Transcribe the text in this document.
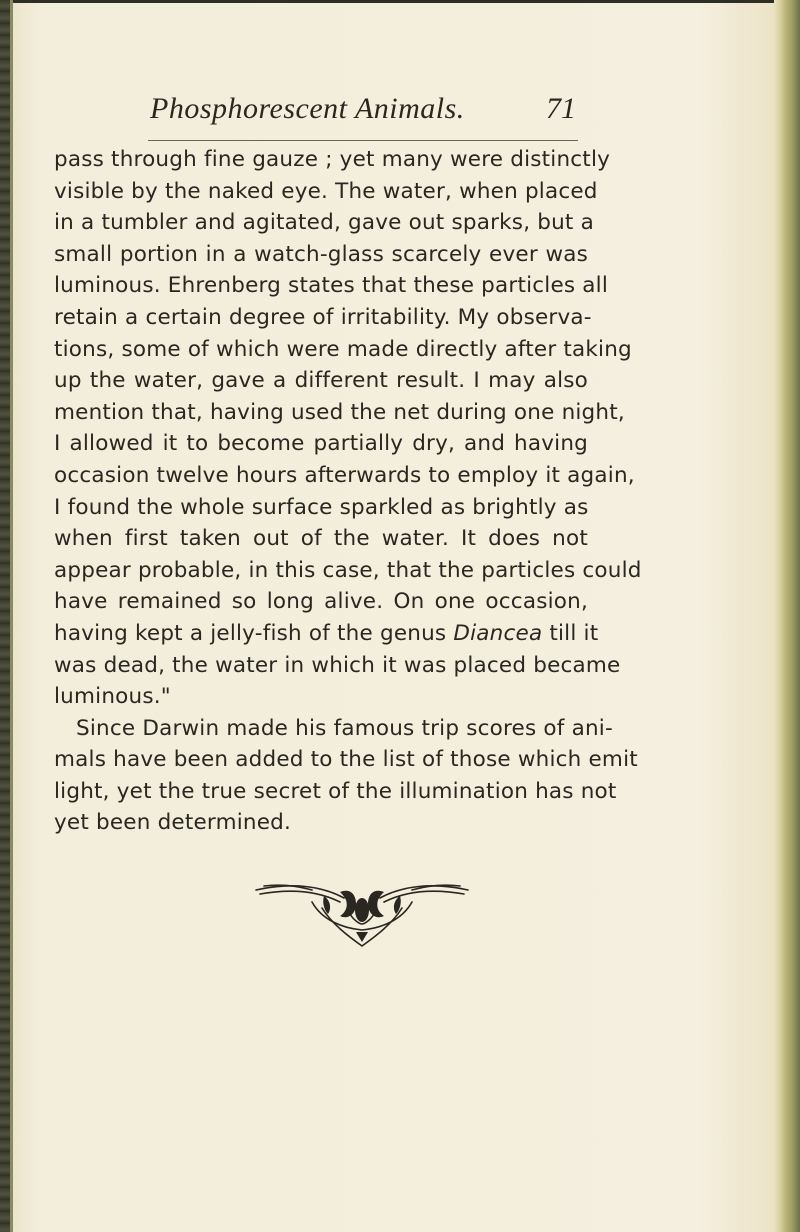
Phosphorescent Animals.	71
pass through fine gauze ; yet many were distinctly
visible by the naked eye. The water, when placed
in a tumbler and agitated, gave out sparks, but a
small portion in a watch-glass scarcely ever was
luminous. Ehrenberg states that these particles all
retain a certain degree of irritability. My observa-
tions, some of which were made directly after taking
up the water, gave a different result. I may also
mention that, having used the net during one night,
I allowed it to become partially dry, and having
occasion twelve hours afterwards to employ it again,
I found the whole surface sparkled as brightly as
when first taken out of the water. It does not
appear probable, in this case, that the particles could
have remained so long alive. On one occasion,
having kept a jelly-fish of the genus Diancea till it
was dead, the water in which it was placed became
luminous."
Since Darwin made his famous trip scores of ani-
mals have been added to the list of those which emit
light, yet the true secret of the illumination has not
yet been determined.
